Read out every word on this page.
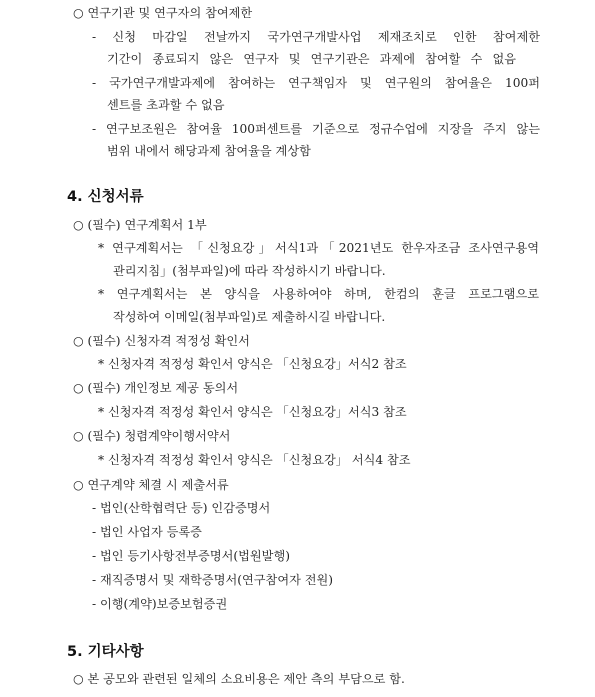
○ 연구기관 및 연구자의 참여제한
- 신청 마감일 전날까지 국가연구개발사업 제재조치로 인한 참여제한
기간이 종료되지 않은 연구자 및 연구기관은 과제에 참여할 수 없음
- 국가연구개발과제에 참여하는 연구책임자 및 연구원의 참여율은 100퍼
센트를 초과할 수 없음
- 연구보조원은 참여율 100퍼센트를 기준으로 정규수업에 지장을 주지 않는
범위 내에서 해당과제 참여율을 계상함
4. 신청서류
○ (필수) 연구계획서 1부
* 연구계획서는 「신청요강」서식1과「2021년도 한우자조금 조사연구용역
관리지침」(첨부파일)에 따라 작성하시기 바랍니다.
* 연구계획서는 본 양식을 사용하여야 하며, 한컴의 훈글 프로그램으로
작성하여 이메일(첨부파일)로 제출하시길 바랍니다.
○ (필수) 신청자격 적정성 확인서
* 신청자격 적정성 확인서 양식은 「신청요강」서식2 참조
○ (필수) 개인정보 제공 동의서
* 신청자격 적정성 확인서 양식은 「신청요강」서식3 참조
○ (필수) 청렴계약이행서약서
* 신청자격 적정성 확인서 양식은 「신청요강」 서식4 참조
○ 연구계약 체결 시 제출서류
- 법인(산학협력단 등) 인감증명서
- 법인 사업자 등록증
- 법인 등기사항전부증명서(법원발행)
- 재직증명서 및 재학증명서(연구참여자 전원)
- 이행(계약)보증보험증권
5. 기타사항
○ 본 공모와 관련된 일체의 소요비용은 제안 측의 부담으로 함.
